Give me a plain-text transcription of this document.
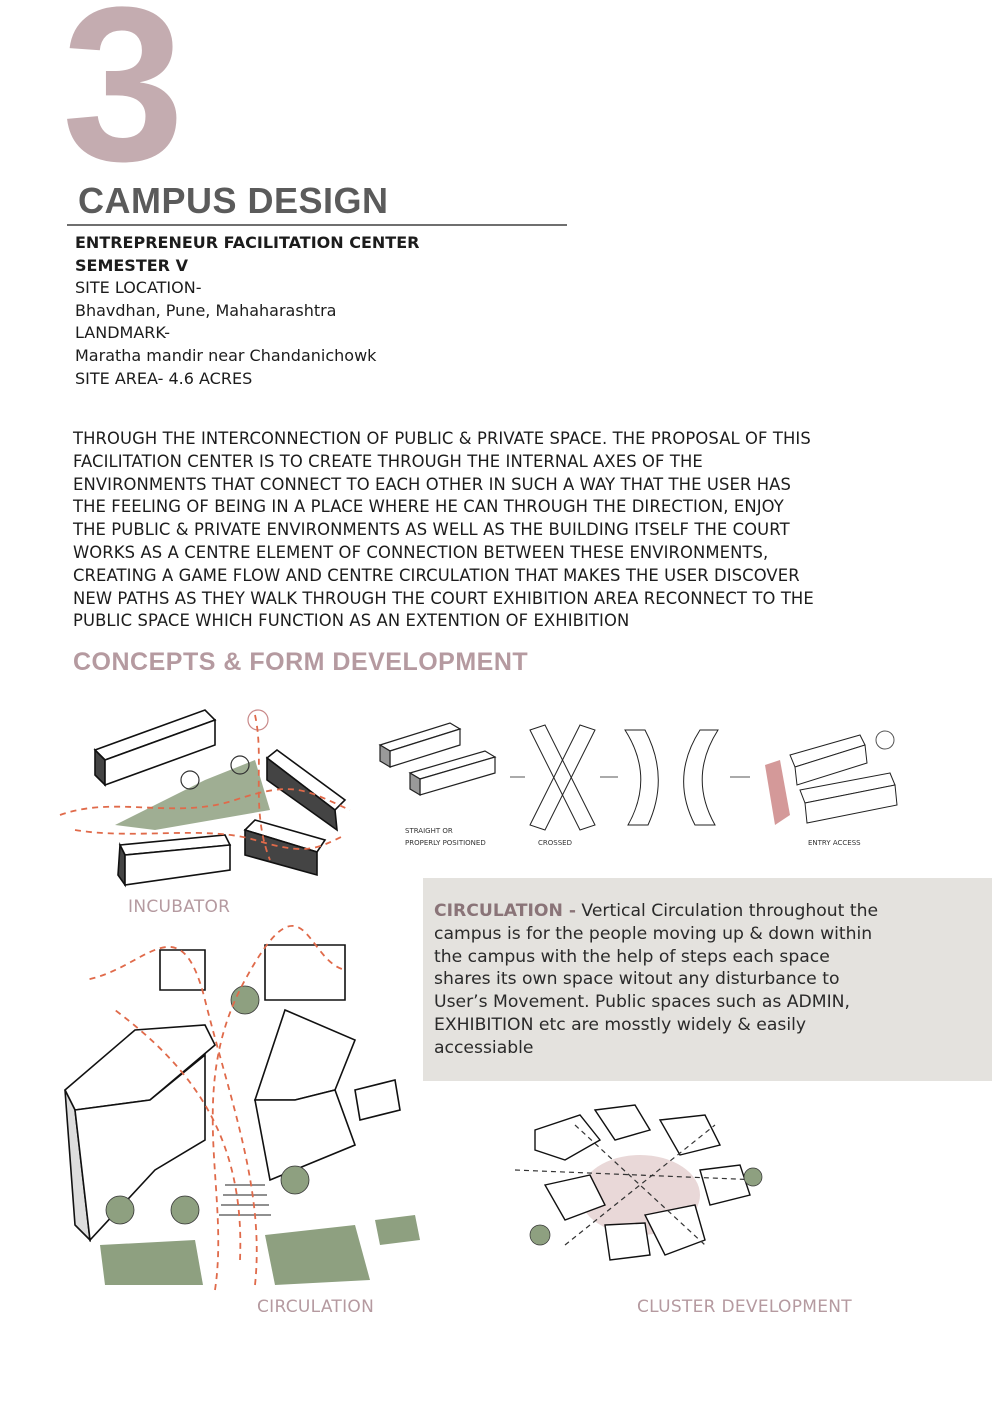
3
CAMPUS DESIGN
ENTREPRENEUR FACILITATION CENTER
SEMESTER V
SITE LOCATION-
Bhavdhan, Pune, Mahaharashtra
LANDMARK-
Maratha mandir near Chandanichowk
SITE AREA- 4.6 ACRES
THROUGH THE INTERCONNECTION OF PUBLIC & PRIVATE SPACE. THE PROPOSAL OF THIS
FACILITATION CENTER IS TO CREATE THROUGH THE INTERNAL AXES OF THE
ENVIRONMENTS THAT CONNECT TO EACH OTHER IN SUCH A WAY THAT THE USER HAS
THE FEELING OF BEING IN A PLACE WHERE HE CAN THROUGH THE DIRECTION, ENJOY
THE PUBLIC & PRIVATE ENVIRONMENTS AS WELL AS THE BUILDING ITSELF THE COURT
WORKS AS A CENTRE ELEMENT OF CONNECTION BETWEEN THESE ENVIRONMENTS,
CREATING A GAME FLOW AND CENTRE CIRCULATION THAT MAKES THE USER DISCOVER
NEW PATHS AS THEY WALK THROUGH THE COURT EXHIBITION AREA RECONNECT TO THE
PUBLIC SPACE WHICH FUNCTION AS AN EXTENTION OF EXHIBITION
CONCEPTS & FORM DEVELOPMENT
STRAIGHT OR
PROPERLY POSITIONED	CROSSED	ENTRY ACCESS
INCUBATOR	CIRCULATION - Vertical Circulation throughout the
campus is for the people moving up & down within
the campus with the help of steps each space
shares its own space witout any disturbance to
User’s Movement. Public spaces such as ADMIN,
EXHIBITION etc are mosstly widely & easily
accessiable
CIRCULATION	CLUSTER DEVELOPMENT
